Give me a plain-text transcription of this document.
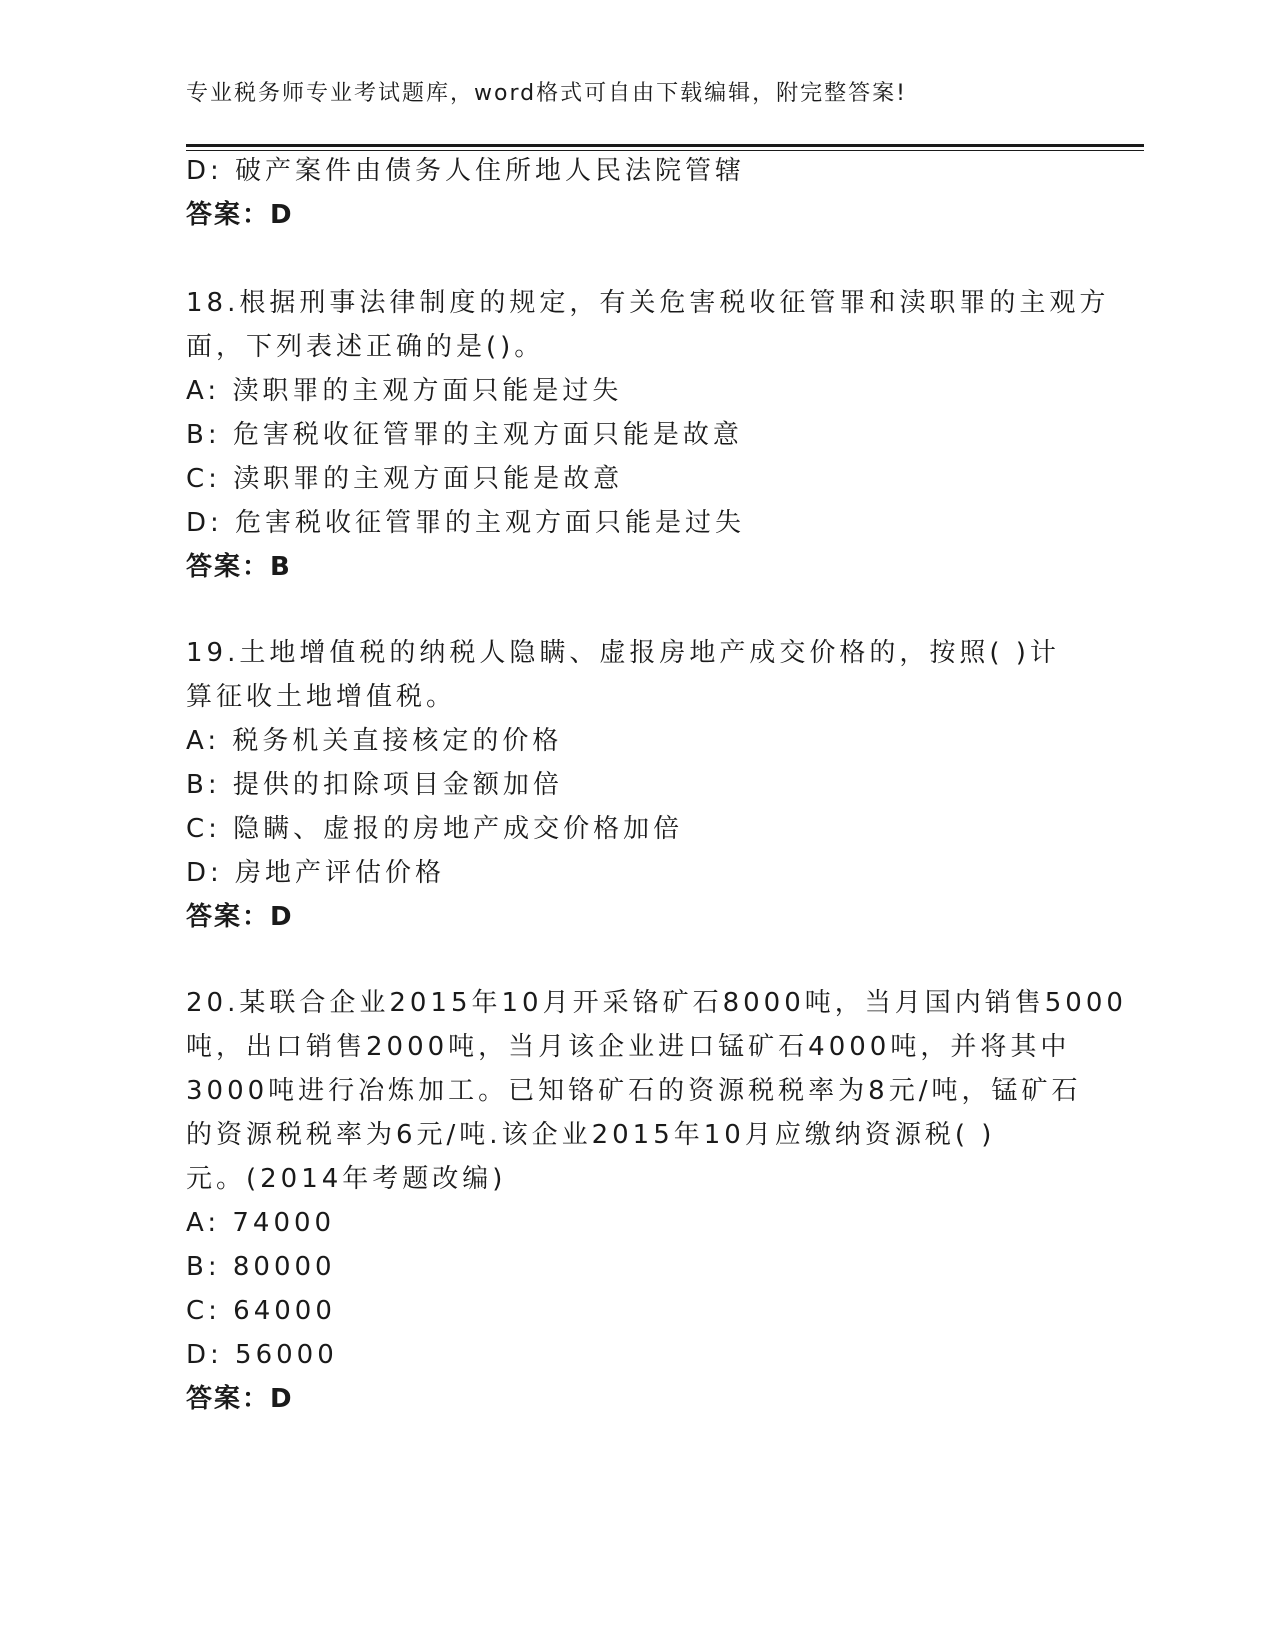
专业税务师专业考试题库，word格式可自由下载编辑，附完整答案!
D: 破产案件由债务人住所地人民法院管辖
答案：D
18.根据刑事法律制度的规定，有关危害税收征管罪和渎职罪的主观方
面，下列表述正确的是()。
A: 渎职罪的主观方面只能是过失
B: 危害税收征管罪的主观方面只能是故意
C: 渎职罪的主观方面只能是故意
D: 危害税收征管罪的主观方面只能是过失
答案：B
19.土地增值税的纳税人隐瞒、虚报房地产成交价格的，按照( )计
算征收土地增值税。
A: 税务机关直接核定的价格
B: 提供的扣除项目金额加倍
C: 隐瞒、虚报的房地产成交价格加倍
D: 房地产评估价格
答案：D
20.某联合企业2015年10月开采铬矿石8000吨，当月国内销售5000
吨，出口销售2000吨，当月该企业进口锰矿石4000吨，并将其中
3000吨进行冶炼加工。已知铬矿石的资源税税率为8元/吨，锰矿石
的资源税税率为6元/吨.该企业2015年10月应缴纳资源税( )
元。(2014年考题改编)
A: 74000
B: 80000
C: 64000
D: 56000
答案：D
